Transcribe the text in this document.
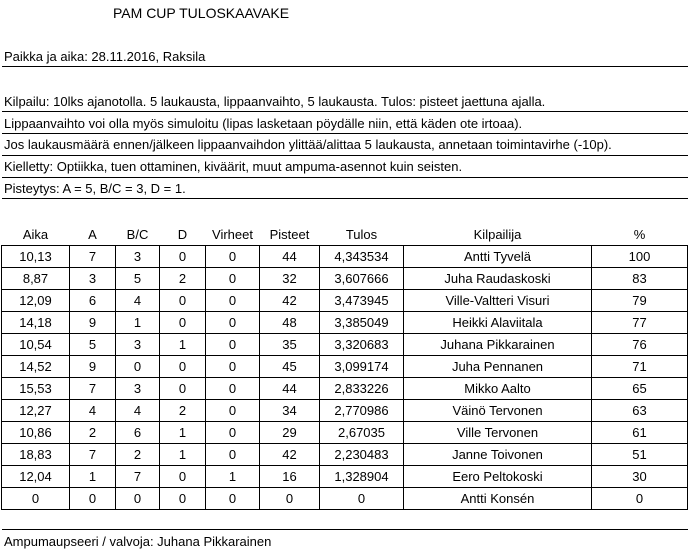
PAM CUP TULOSKAAVAKE
Paikka ja aika: 28.11.2016, Raksila
Kilpailu: 10lks ajanotolla. 5 laukausta, lippaanvaihto, 5 laukausta. Tulos: pisteet jaettuna ajalla.
Lippaanvaihto voi olla myös simuloitu (lipas lasketaan pöydälle niin, että käden ote irtoaa).
Jos laukausmäärä ennen/jälkeen lippaanvaihdon ylittää/alittaa 5 laukausta, annetaan toimintavirhe (-10p).
Kielletty: Optiikka, tuen ottaminen, kiväärit, muut ampuma-asennot kuin seisten.
Pisteytys: A = 5, B/C = 3, D = 1.
Aika	A	B/C	D	Virheet	Pisteet	Tulos	Kilpailija	%
10,13	7	3	0	0	44	4,343534	Antti Tyvelä	100
8,87	3	5	2	0	32	3,607666	Juha Raudaskoski	83
12,09	6	4	0	0	42	3,473945	Ville-Valtteri Visuri	79
14,18	9	1	0	0	48	3,385049	Heikki Alaviitala	77
10,54	5	3	1	0	35	3,320683	Juhana Pikkarainen	76
14,52	9	0	0	0	45	3,099174	Juha Pennanen	71
15,53	7	3	0	0	44	2,833226	Mikko Aalto	65
12,27	4	4	2	0	34	2,770986	Väinö Tervonen	63
10,86	2	6	1	0	29	2,67035	Ville Tervonen	61
18,83	7	2	1	0	42	2,230483	Janne Toivonen	51
12,04	1	7	0	1	16	1,328904	Eero Peltokoski	30
0	0	0	0	0	0	0	Antti Konsén	0
Ampumaupseeri / valvoja: Juhana Pikkarainen
